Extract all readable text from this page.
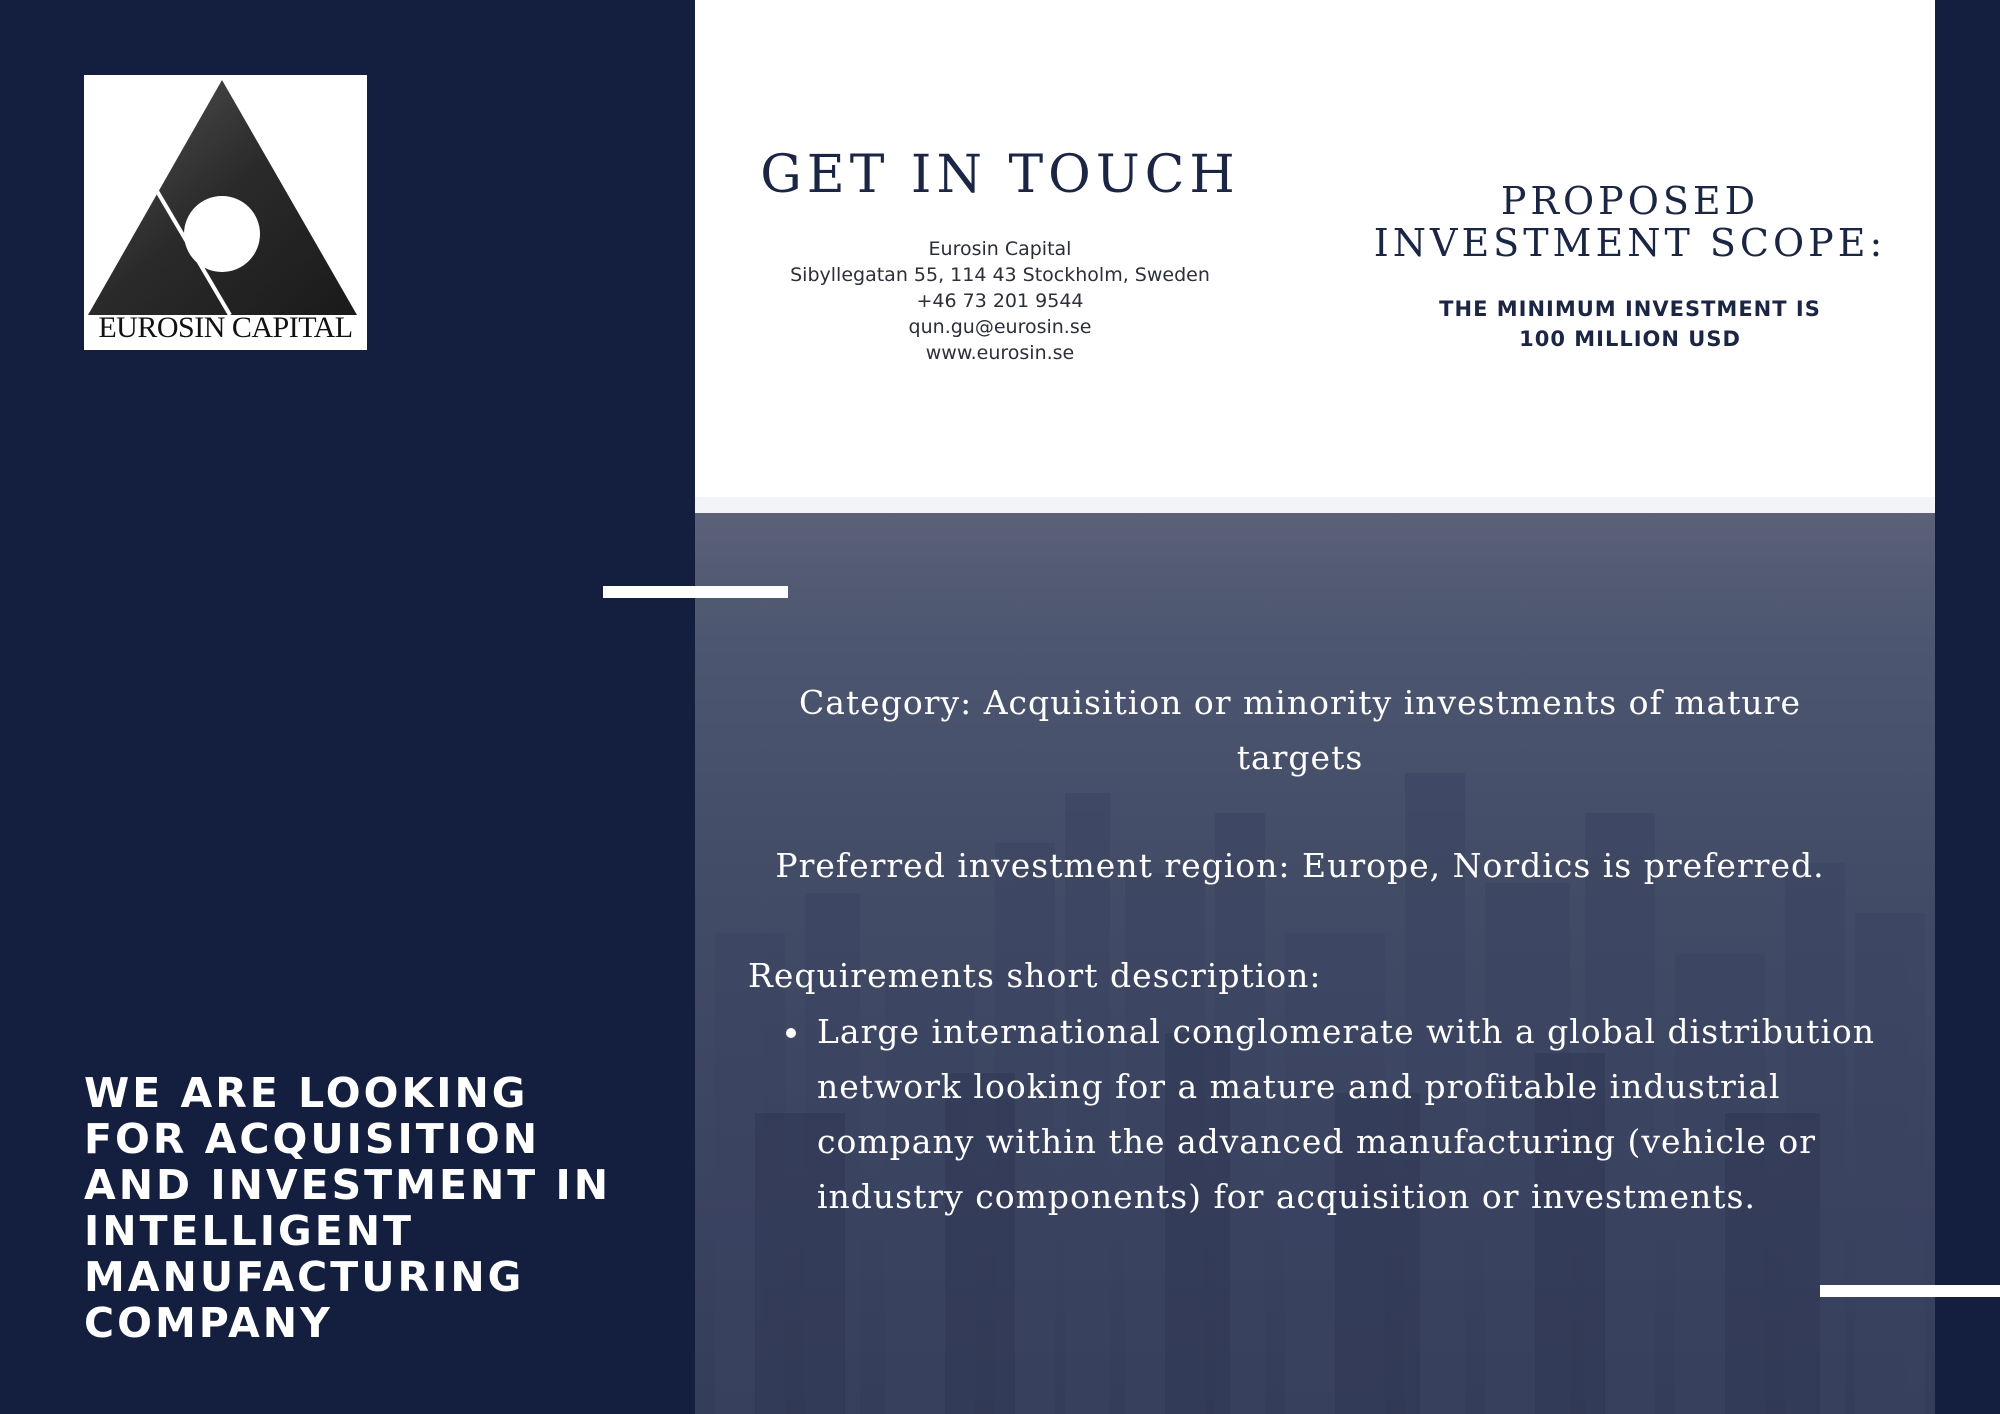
EUROSIN CAPITAL
WE ARE LOOKING FOR ACQUISITION AND INVESTMENT IN INTELLIGENT MANUFACTURING COMPANY
GET IN TOUCH
Eurosin Capital
Sibyllegatan 55, 114 43 Stockholm, Sweden
+46 73 201 9544
qun.gu@eurosin.se
www.eurosin.se
PROPOSED INVESTMENT SCOPE:
THE MINIMUM INVESTMENT IS
100 MILLION USD
Category: Acquisition or minority investments of mature targets
Preferred investment region: Europe, Nordics is preferred.
Requirements short description:
• Large international conglomerate with a global distribution network looking for a mature and profitable industrial company within the advanced manufacturing (vehicle or industry components) for acquisition or investments.
